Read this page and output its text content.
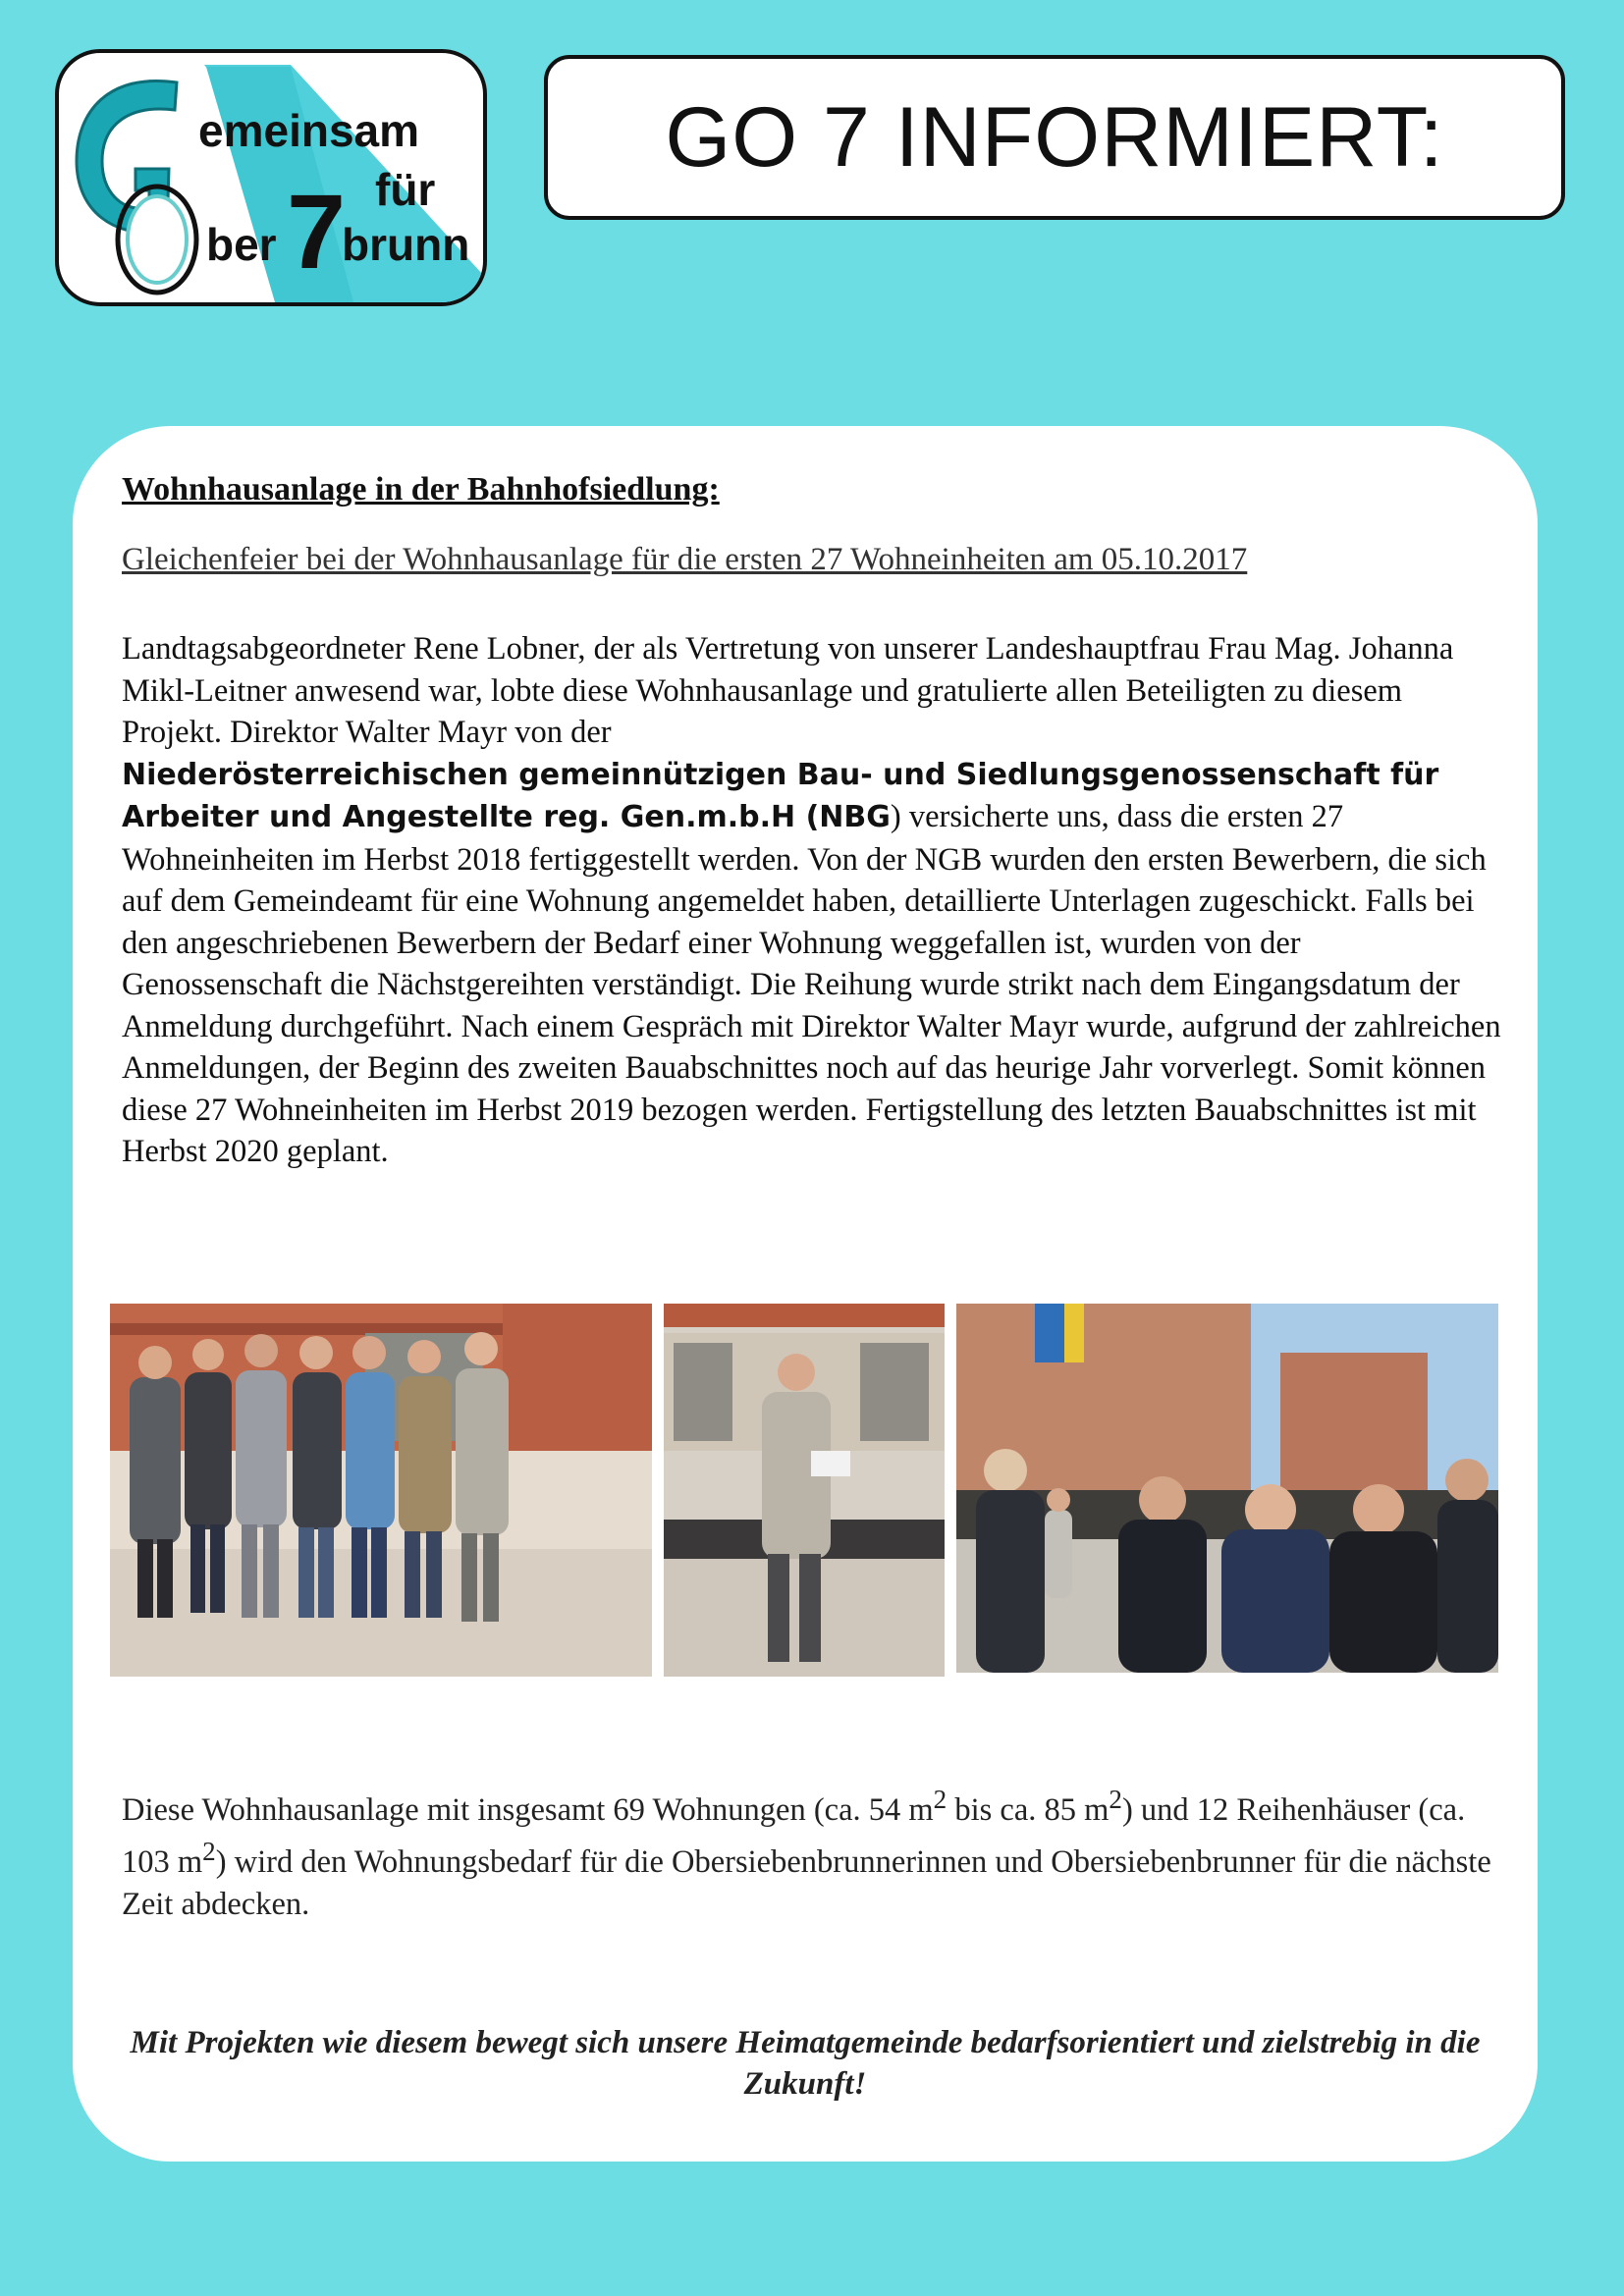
emeinsam
für
ber 7
brunn
GO 7 INFORMIERT:
Wohnhausanlage in der Bahnhofsiedlung:
Gleichenfeier bei der Wohnhausanlage für die ersten 27 Wohneinheiten am 05.10.2017
Landtagsabgeordneter Rene Lobner, der als Vertretung von unserer Landeshauptfrau Frau Mag. Johanna Mikl-Leitner anwesend war, lobte diese Wohnhausanlage und gratulierte allen Beteiligten zu diesem Projekt. Direktor Walter Mayr von der
Niederösterreichischen gemeinnützigen Bau- und Siedlungsgenossenschaft für Arbeiter und Angestellte reg. Gen.m.b.H (NBG) versicherte uns, dass die ersten 27 Wohneinheiten im Herbst 2018 fertiggestellt werden. Von der NGB wurden den ersten Bewerbern, die sich auf dem Gemeindeamt für eine Wohnung angemeldet haben, detaillierte Unterlagen zugeschickt. Falls bei den angeschriebenen Bewerbern der Bedarf einer Wohnung weggefallen ist, wurden von der Genossenschaft die Nächstgereihten verständigt. Die Reihung wurde strikt nach dem Eingangsdatum der Anmeldung durchgeführt. Nach einem Gespräch mit Direktor Walter Mayr wurde, aufgrund der zahlreichen Anmeldungen, der Beginn des zweiten Bauabschnittes noch auf das heurige Jahr vorverlegt. Somit können diese 27 Wohneinheiten im Herbst 2019 bezogen werden. Fertigstellung des letzten Bauabschnittes ist mit Herbst 2020 geplant.
Diese Wohnhausanlage mit insgesamt 69 Wohnungen (ca. 54 $m^2$ bis ca. 85 $m^2$) und 12 Reihenhäuser (ca. 103 $m^2$) wird den Wohnungsbedarf für die Obersiebenbrunnerinnen und Obersiebenbrunner für die nächste Zeit abdecken.
Mit Projekten wie diesem bewegt sich unsere Heimatgemeinde bedarfsorientiert und zielstrebig in die Zukunft!
